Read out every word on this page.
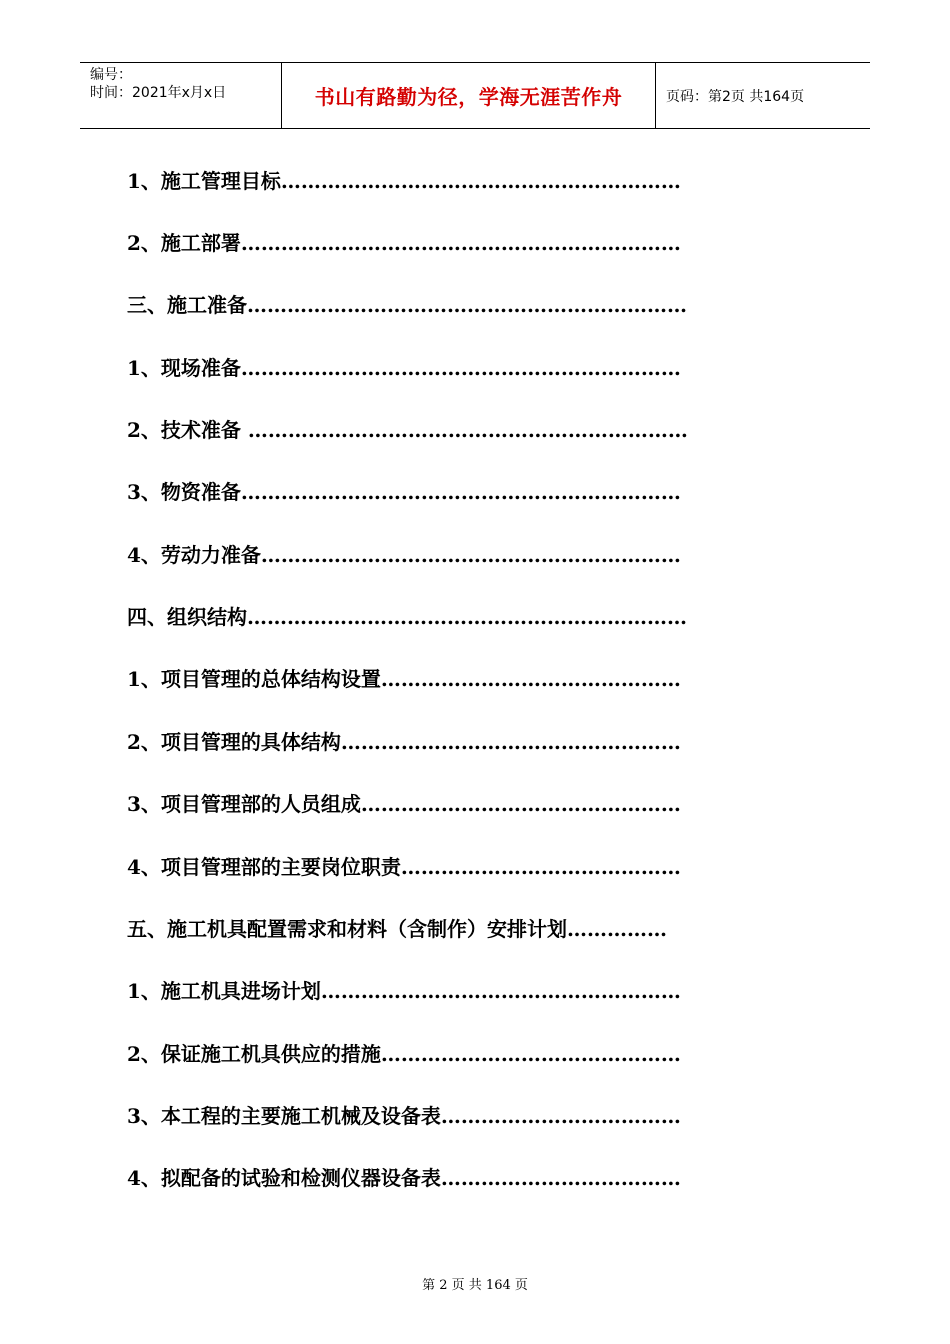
编号：
时间：2021年x月x日	书山有路勤为径，学海无涯苦作舟	页码：第2页 共164页
1、施工管理目标……………………………………………………
2、施工部署…………………………………………………………
三、施工准备…………………………………………………………
1、现场准备…………………………………………………………
2、技术准备 …………………………………………………………
3、物资准备…………………………………………………………
4、劳动力准备………………………………………………………
四、组织结构…………………………………………………………
1、项目管理的总体结构设置………………………………………
2、项目管理的具体结构……………………………………………
3、项目管理部的人员组成…………………………………………
4、项目管理部的主要岗位职责……………………………………
五、施工机具配置需求和材料（含制作）安排计划……………
1、施工机具进场计划………………………………………………
2、保证施工机具供应的措施………………………………………
3、本工程的主要施工机械及设备表………………………………
4、拟配备的试验和检测仪器设备表………………………………
第 2 页 共 164 页
